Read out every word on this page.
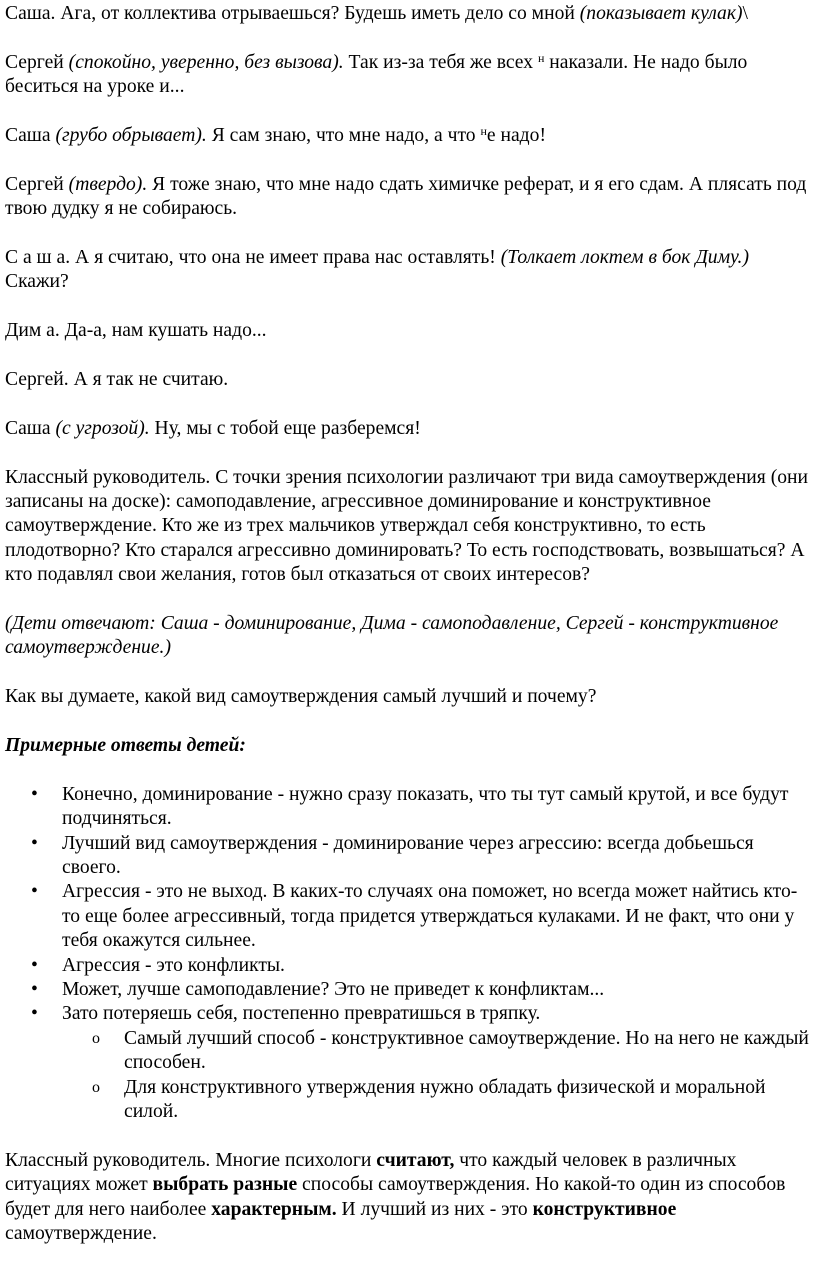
Саша. Ага, от коллектива отрываешься? Будешь иметь дело со мной (показывает кулак)\

Сергей (спокойно, уверенно, без вызова). Так из-за тебя же всех $^н$ наказали. Не надо было беситься на уроке и...

Саша (грубо обрывает). Я сам знаю, что мне надо, а что $^н$е надо!

Сергей (твердо). Я тоже знаю, что мне надо сдать химичке реферат, и я его сдам. А плясать под твою дудку я не собираюсь.

С а ш а. А я считаю, что она не имеет права нас оставлять! (Толкает локтем в бок Диму.) Скажи?

Дим а. Да-а, нам кушать надо...

Сергей. А я так не считаю.

Саша (с угрозой). Ну, мы с тобой еще разберемся!

Классный руководитель. С точки зрения психологии различают три вида самоутверждения (они записаны на доске): самоподавление, агрессивное доминирование и конструктивное самоутверждение. Кто же из трех мальчиков утверждал себя конструктивно, то есть плодотворно? Кто старался агрессивно доминировать? То есть господствовать, возвышаться? А кто подавлял свои желания, готов был отказаться от своих интересов?

(Дети отвечают: Саша - доминирование, Дима - самоподавление, Сергей - конструктивное самоутверждение.)

Как вы думаете, какой вид самоутверждения самый лучший и почему?

Примерные ответы детей:

• Конечно, доминирование - нужно сразу показать, что ты тут самый крутой, и все будут подчиняться.
• Лучший вид самоутверждения - доминирование через агрессию: всегда добьешься своего.
• Агрессия - это не выход. В каких-то случаях она поможет, но всегда может найтись кто-то еще более агрессивный, тогда придется утверждаться кулаками. И не факт, что они у тебя окажутся сильнее.
• Агрессия - это конфликты.
• Может, лучше самоподавление? Это не приведет к конфликтам...
• Зато потеряешь себя, постепенно превратишься в тряпку.
o Самый лучший способ - конструктивное самоутверждение. Но на него не каждый способен.
o Для конструктивного утверждения нужно обладать физической и моральной силой.

Классный руководитель. Многие психологи считают, что каждый человек в различных ситуациях может выбрать разные способы самоутверждения. Но какой-то один из способов будет для него наиболее характерным. И лучший из них - это конструктивное самоутверждение.
